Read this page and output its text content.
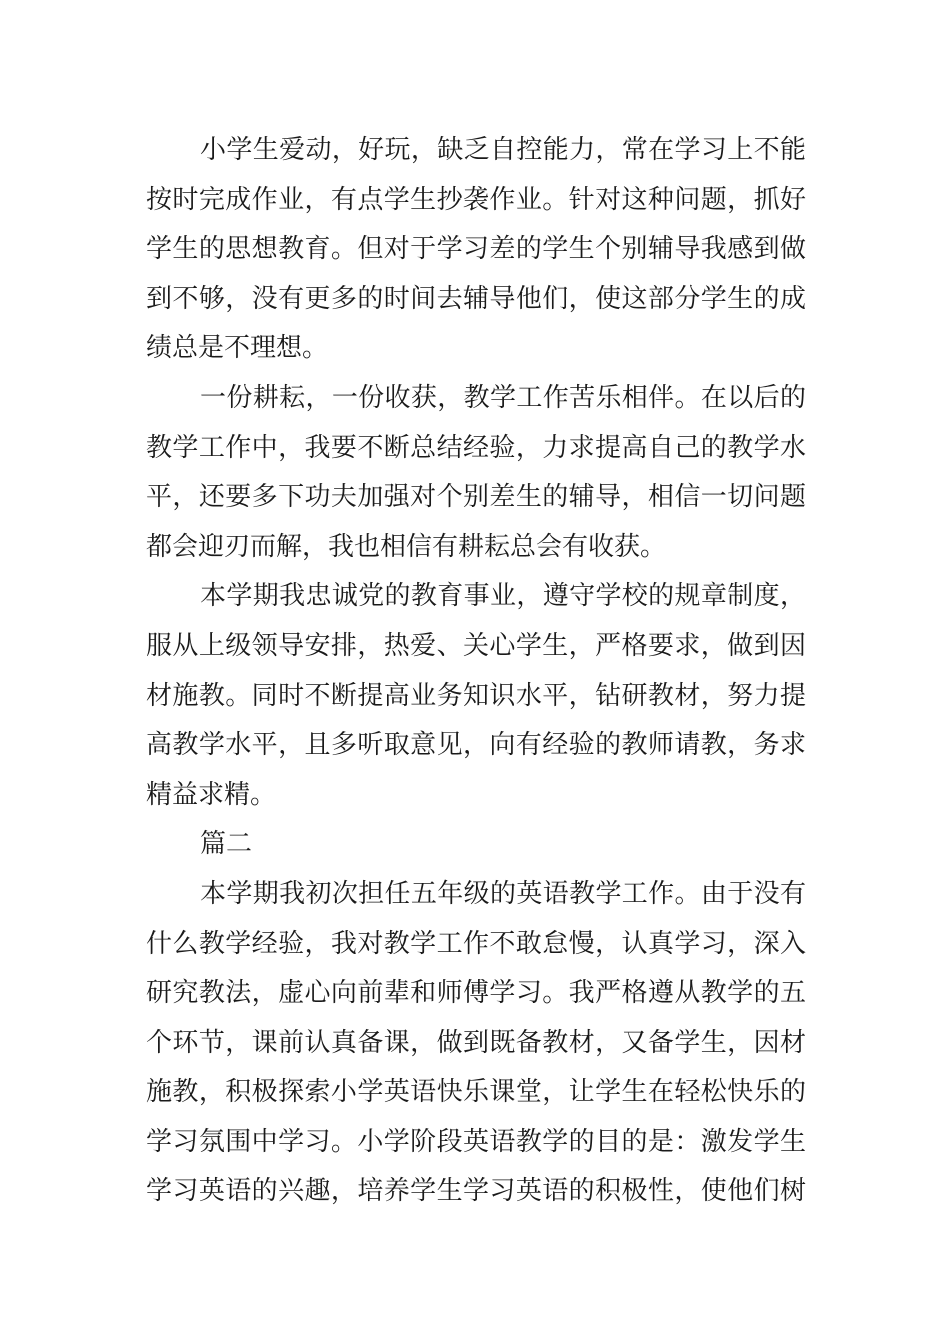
小学生爱动，好玩，缺乏自控能力，常在学习上不能
按时完成作业，有点学生抄袭作业。针对这种问题，抓好
学生的思想教育。但对于学习差的学生个别辅导我感到做
到不够，没有更多的时间去辅导他们，使这部分学生的成
绩总是不理想。
一份耕耘，一份收获，教学工作苦乐相伴。在以后的
教学工作中，我要不断总结经验，力求提高自己的教学水
平，还要多下功夫加强对个别差生的辅导，相信一切问题
都会迎刃而解，我也相信有耕耘总会有收获。
本学期我忠诚党的教育事业，遵守学校的规章制度，
服从上级领导安排，热爱、关心学生，严格要求，做到因
材施教。同时不断提高业务知识水平，钻研教材，努力提
高教学水平，且多听取意见，向有经验的教师请教，务求
精益求精。
篇二
本学期我初次担任五年级的英语教学工作。由于没有
什么教学经验，我对教学工作不敢怠慢，认真学习，深入
研究教法，虚心向前辈和师傅学习。我严格遵从教学的五
个环节，课前认真备课，做到既备教材，又备学生，因材
施教，积极探索小学英语快乐课堂，让学生在轻松快乐的
学习氛围中学习。小学阶段英语教学的目的是：激发学生
学习英语的兴趣，培养学生学习英语的积极性，使他们树
